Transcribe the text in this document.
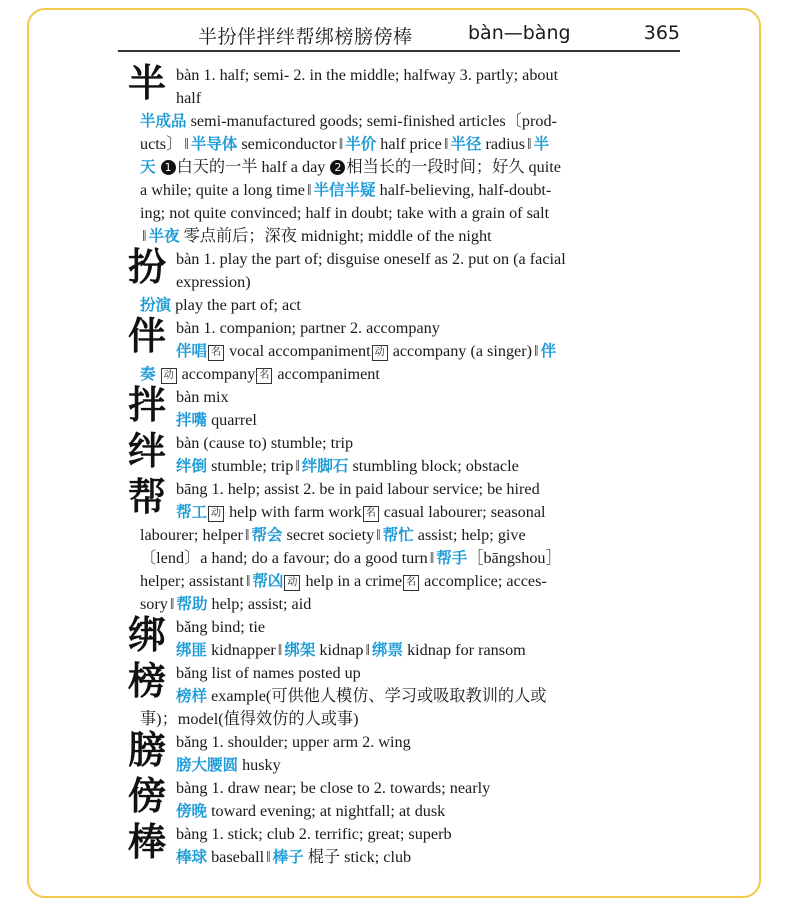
半扮伴拌绊帮绑榜膀傍棒	bàn—bàng	365
半 bàn 1. half; semi- 2. in the middle; halfway 3. partly; about
half
半成品 semi-manufactured goods; semi-finished articles〔prod-
ucts〕 ‖ 半导体 semiconductor ‖ 半价 half price ‖ 半径 radius ‖ 半
天 1 白天的一半 half a day 2 相当长的一段时间；好久 quite
a while; quite a long time ‖ 半信半疑 half-believing, half-doubt-
ing; not quite convinced; half in doubt; take with a grain of salt
‖ 半夜 零点前后；深夜 midnight; middle of the night
扮 bàn 1. play the part of; disguise oneself as 2. put on (a facial
expression)
扮演 play the part of; act
伴 bàn 1. companion; partner 2. accompany
伴唱 名 vocal accompaniment 动 accompany (a singer) ‖ 伴
奏 动 accompany 名 accompaniment
拌 bàn mix
拌嘴 quarrel
绊 bàn (cause to) stumble; trip
绊倒 stumble; trip ‖ 绊脚石 stumbling block; obstacle
帮 bāng 1. help; assist 2. be in paid labour service; be hired
帮工 动 help with farm work 名 casual labourer; seasonal
labourer; helper ‖ 帮会 secret society ‖ 帮忙 assist; help; give
〔lend〕a hand; do a favour; do a good turn ‖ 帮手［bāngshou］
helper; assistant ‖ 帮凶 动 help in a crime 名 accomplice; acces-
sory ‖ 帮助 help; assist; aid
绑 bǎng bind; tie
绑匪 kidnapper ‖ 绑架 kidnap ‖ 绑票 kidnap for ransom
榜 bǎng list of names posted up
榜样 example(可供他人模仿、学习或吸取教训的人或
事)；model(值得效仿的人或事)
膀 bǎng 1. shoulder; upper arm 2. wing
膀大腰圆 husky
傍 bàng 1. draw near; be close to 2. towards; nearly
傍晚 toward evening; at nightfall; at dusk
棒 bàng 1. stick; club 2. terrific; great; superb
棒球 baseball ‖ 棒子 棍子 stick; club
